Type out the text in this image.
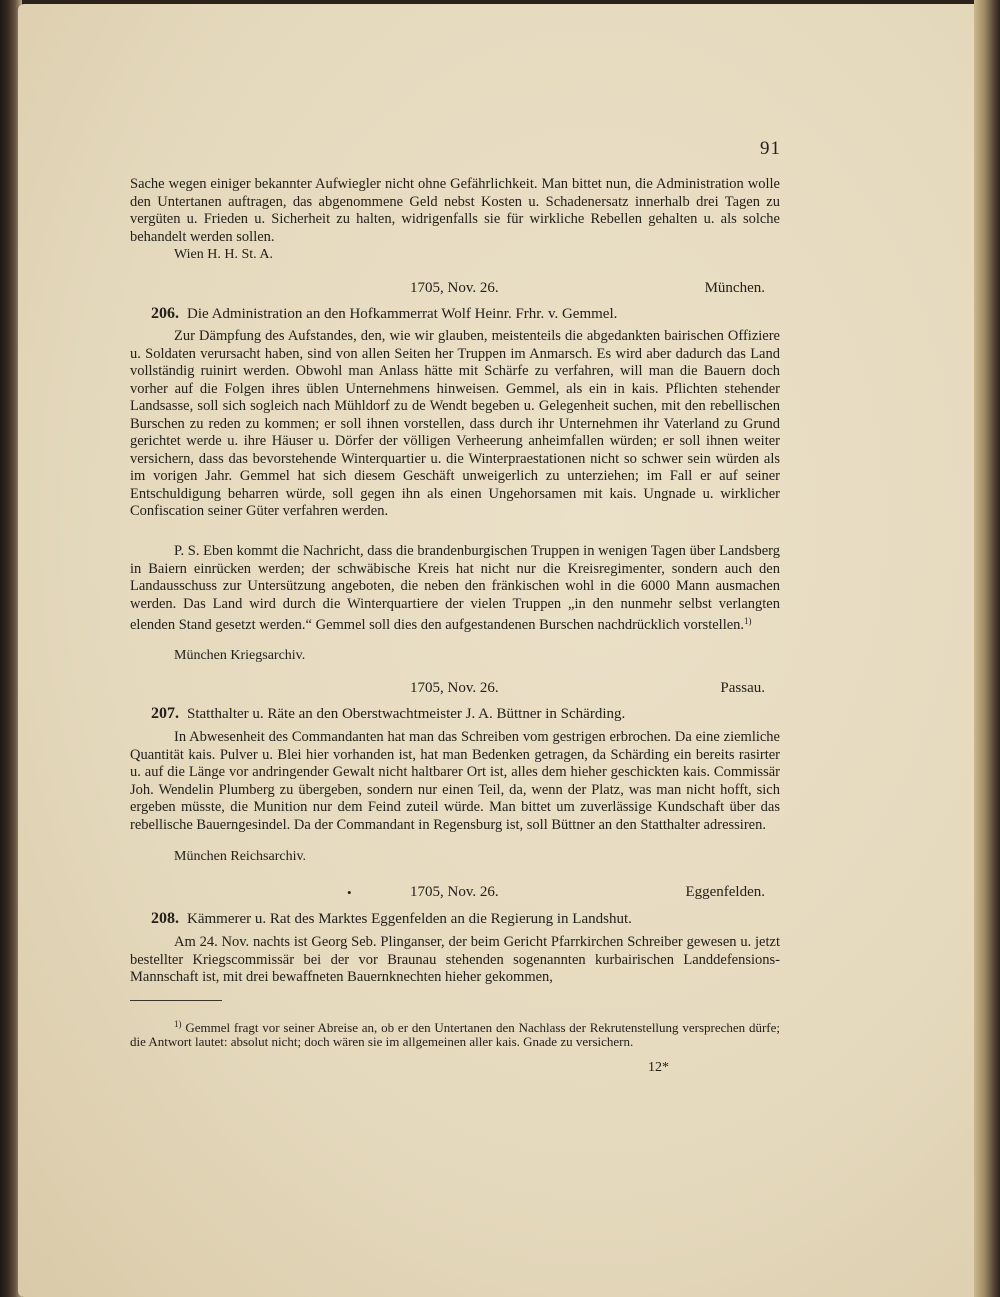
91
Sache wegen einiger bekannter Aufwiegler nicht ohne Gefährlichkeit. Man bittet nun, die Administration wolle den Untertanen auftragen, das abgenommene Geld nebst Kosten u. Schadenersatz innerhalb drei Tagen zu vergüten u. Frieden u. Sicherheit zu halten, widrigenfalls sie für wirkliche Rebellen gehalten u. als solche behandelt werden sollen.
Wien H. H. St. A.
1705, Nov. 26.	München.
206. Die Administration an den Hofkammerrat Wolf Heinr. Frhr. v. Gemmel.
Zur Dämpfung des Aufstandes, den, wie wir glauben, meistenteils die abgedankten bairischen Offiziere u. Soldaten verursacht haben, sind von allen Seiten her Truppen im Anmarsch. Es wird aber dadurch das Land vollständig ruinirt werden. Obwohl man Anlass hätte mit Schärfe zu verfahren, will man die Bauern doch vorher auf die Folgen ihres üblen Unternehmens hinweisen. Gemmel, als ein in kais. Pflichten stehender Landsasse, soll sich sogleich nach Mühldorf zu de Wendt begeben u. Gelegenheit suchen, mit den rebellischen Burschen zu reden zu kommen; er soll ihnen vorstellen, dass durch ihr Unternehmen ihr Vaterland zu Grund gerichtet werde u. ihre Häuser u. Dörfer der völligen Verheerung anheimfallen würden; er soll ihnen weiter versichern, dass das bevorstehende Winterquartier u. die Winterpraestationen nicht so schwer sein würden als im vorigen Jahr. Gemmel hat sich diesem Geschäft unweigerlich zu unterziehen; im Fall er auf seiner Entschuldigung beharren würde, soll gegen ihn als einen Ungehorsamen mit kais. Ungnade u. wirklicher Confiscation seiner Güter verfahren werden.
P. S. Eben kommt die Nachricht, dass die brandenburgischen Truppen in wenigen Tagen über Landsberg in Baiern einrücken werden; der schwäbische Kreis hat nicht nur die Kreisregimenter, sondern auch den Landausschuss zur Untersützung angeboten, die neben den fränkischen wohl in die 6000 Mann ausmachen werden. Das Land wird durch die Winterquartiere der vielen Truppen „in den nunmehr selbst verlangten elenden Stand gesetzt werden.“ Gemmel soll dies den aufgestandenen Burschen nachdrücklich vorstellen.$^{1)}$
München Kriegsarchiv.
1705, Nov. 26.	Passau.
207. Statthalter u. Räte an den Oberstwachtmeister J. A. Büttner in Schärding.
In Abwesenheit des Commandanten hat man das Schreiben vom gestrigen erbrochen. Da eine ziemliche Quantität kais. Pulver u. Blei hier vorhanden ist, hat man Bedenken getragen, da Schärding ein bereits rasirter u. auf die Länge vor andringender Gewalt nicht haltbarer Ort ist, alles dem hieher geschickten kais. Commissär Joh. Wendelin Plumberg zu übergeben, sondern nur einen Teil, da, wenn der Platz, was man nicht hofft, sich ergeben müsste, die Munition nur dem Feind zuteil würde. Man bittet um zuverlässige Kundschaft über das rebellische Bauerngesindel. Da der Commandant in Regensburg ist, soll Büttner an den Statthalter adressiren.
München Reichsarchiv.
•	1705, Nov. 26.	Eggenfelden.
208. Kämmerer u. Rat des Marktes Eggenfelden an die Regierung in Landshut.
Am 24. Nov. nachts ist Georg Seb. Plinganser, der beim Gericht Pfarrkirchen Schreiber gewesen u. jetzt bestellter Kriegscommissär bei der vor Braunau stehenden sogenannten kurbairischen Landdefensions-Mannschaft ist, mit drei bewaffneten Bauernknechten hieher gekommen,
$^{1)}$ Gemmel fragt vor seiner Abreise an, ob er den Untertanen den Nachlass der Rekrutenstellung versprechen dürfe; die Antwort lautet: absolut nicht; doch wären sie im allgemeinen aller kais. Gnade zu versichern.
12*
